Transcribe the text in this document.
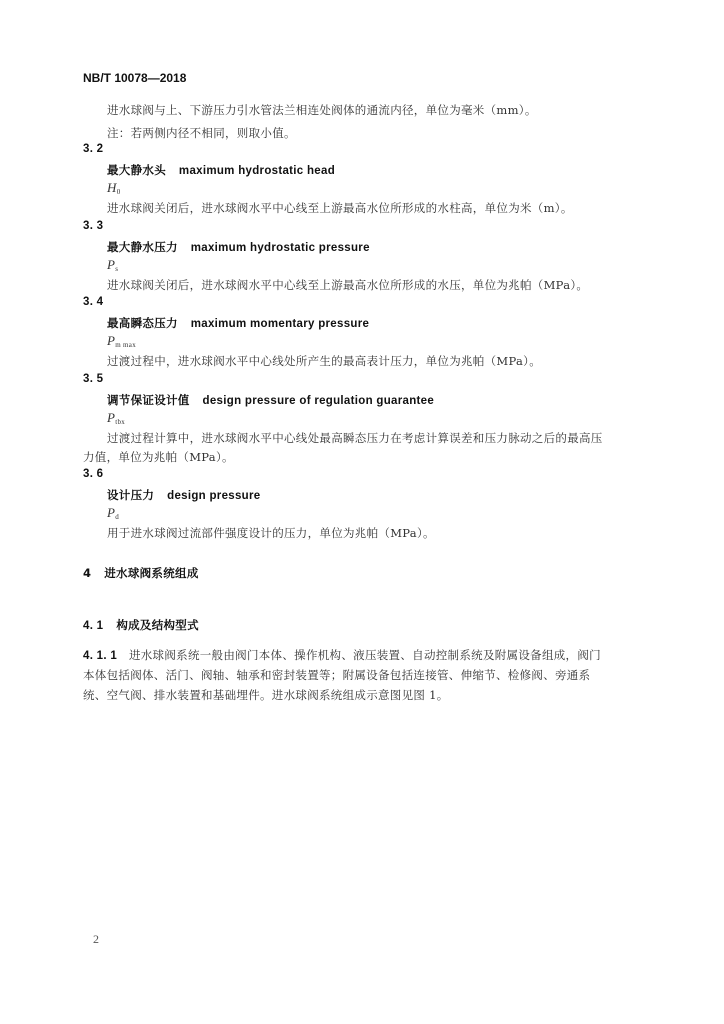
NB/T 10078—2018
进水球阀与上、下游压力引水管法兰相连处阀体的通流内径，单位为毫米（mm）。
注：若两侧内径不相同，则取小值。
3. 2
最大静水头 maximum hydrostatic head
$H_0$
进水球阀关闭后，进水球阀水平中心线至上游最高水位所形成的水柱高，单位为米（m）。
3. 3
最大静水压力 maximum hydrostatic pressure
$P_s$
进水球阀关闭后，进水球阀水平中心线至上游最高水位所形成的水压，单位为兆帕（MPa）。
3. 4
最高瞬态压力 maximum momentary pressure
$P_{m max}$
过渡过程中，进水球阀水平中心线处所产生的最高表计压力，单位为兆帕（MPa）。
3. 5
调节保证设计值 design pressure of regulation guarantee
$P_{tbx}$
过渡过程计算中，进水球阀水平中心线处最高瞬态压力在考虑计算误差和压力脉动之后的最高压
力值，单位为兆帕（MPa）。
3. 6
设计压力 design pressure
$P_d$
用于进水球阀过流部件强度设计的压力，单位为兆帕（MPa）。
4 进水球阀系统组成
4. 1 构成及结构型式
4. 1. 1 进水球阀系统一般由阀门本体、操作机构、液压装置、自动控制系统及附属设备组成，阀门
本体包括阀体、活门、阀轴、轴承和密封装置等；附属设备包括连接管、伸缩节、检修阀、旁通系
统、空气阀、排水装置和基础埋件。进水球阀系统组成示意图见图 1。
2
